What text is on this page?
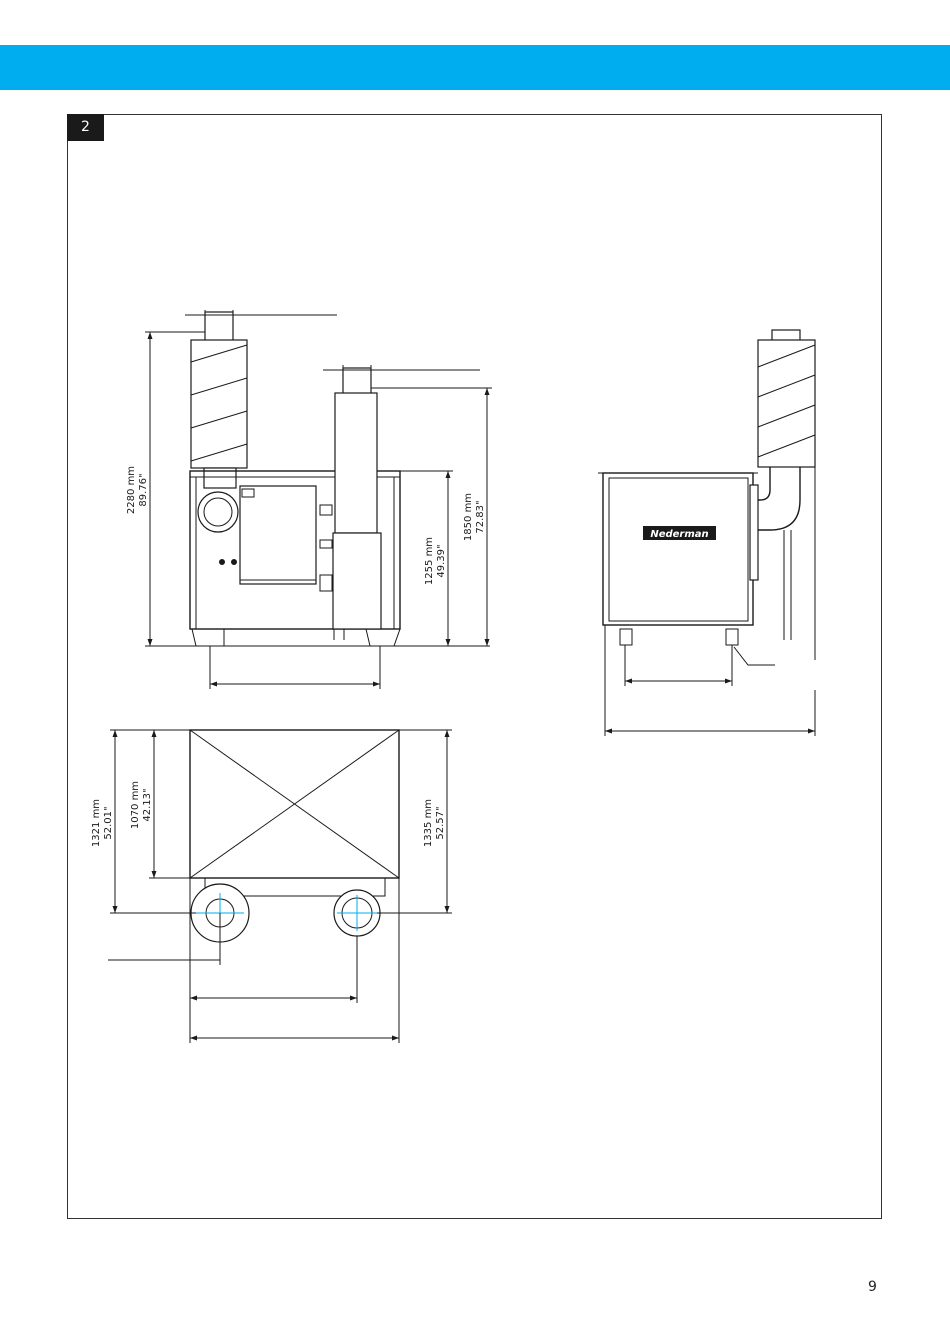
2
2280 mm 89.76"
1850 mm 72.83"
1255 mm 49.39"
Nederman
1321 mm 52.01" 1070 mm 42.13"	1335 mm 52.57"
9
